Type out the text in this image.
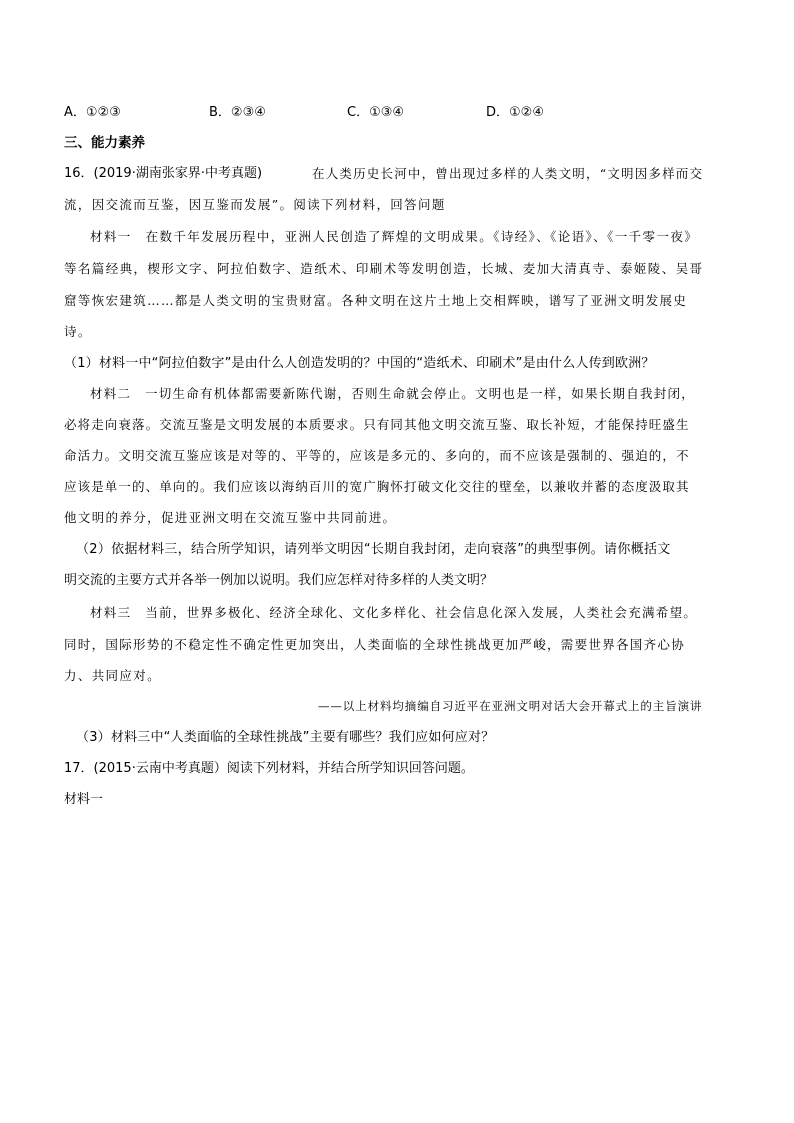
A．①②③	B．②③④	C．①③④	D．①②④
三、能力素养
16．(2019·湖南张家界·中考真题)	在人类历史长河中，曾出现过多样的人类文明，“文明因多样而交
流，因交流而互鉴，因互鉴而发展”。阅读下列材料，回答问题
材料一　在数千年发展历程中，亚洲人民创造了辉煌的文明成果。《诗经》、《论语》、《一千零一夜》
等名篇经典，楔形文字、阿拉伯数字、造纸术、印刷术等发明创造，长城、麦加大清真寺、泰姬陵、吴哥
窟等恢宏建筑……都是人类文明的宝贵财富。各种文明在这片土地上交相辉映，谱写了亚洲文明发展史
诗。
（1）材料一中“阿拉伯数字”是由什么人创造发明的？中国的“造纸术、印刷术”是由什么人传到欧洲？
材料二　一切生命有机体都需要新陈代谢，否则生命就会停止。文明也是一样，如果长期自我封闭，
必将走向衰落。交流互鉴是文明发展的本质要求。只有同其他文明交流互鉴、取长补短，才能保持旺盛生
命活力。文明交流互鉴应该是对等的、平等的，应该是多元的、多向的，而不应该是强制的、强迫的，不
应该是单一的、单向的。我们应该以海纳百川的宽广胸怀打破文化交往的壁垒，以兼收并蓄的态度汲取其
他文明的养分，促进亚洲文明在交流互鉴中共同前进。
（2）依据材料三，结合所学知识，请列举文明因“长期自我封闭，走向衰落”的典型事例。请你概括文
明交流的主要方式并各举一例加以说明。我们应怎样对待多样的人类文明？
材料三　当前，世界多极化、经济全球化、文化多样化、社会信息化深入发展，人类社会充满希望。
同时，国际形势的不稳定性不确定性更加突出，人类面临的全球性挑战更加严峻，需要世界各国齐心协
力、共同应对。
——以上材料均摘编自习近平在亚洲文明对话大会开幕式上的主旨演讲
（3）材料三中“人类面临的全球性挑战”主要有哪些？我们应如何应对？
17．(2015·云南中考真题）阅读下列材料，并结合所学知识回答问题。
材料一
